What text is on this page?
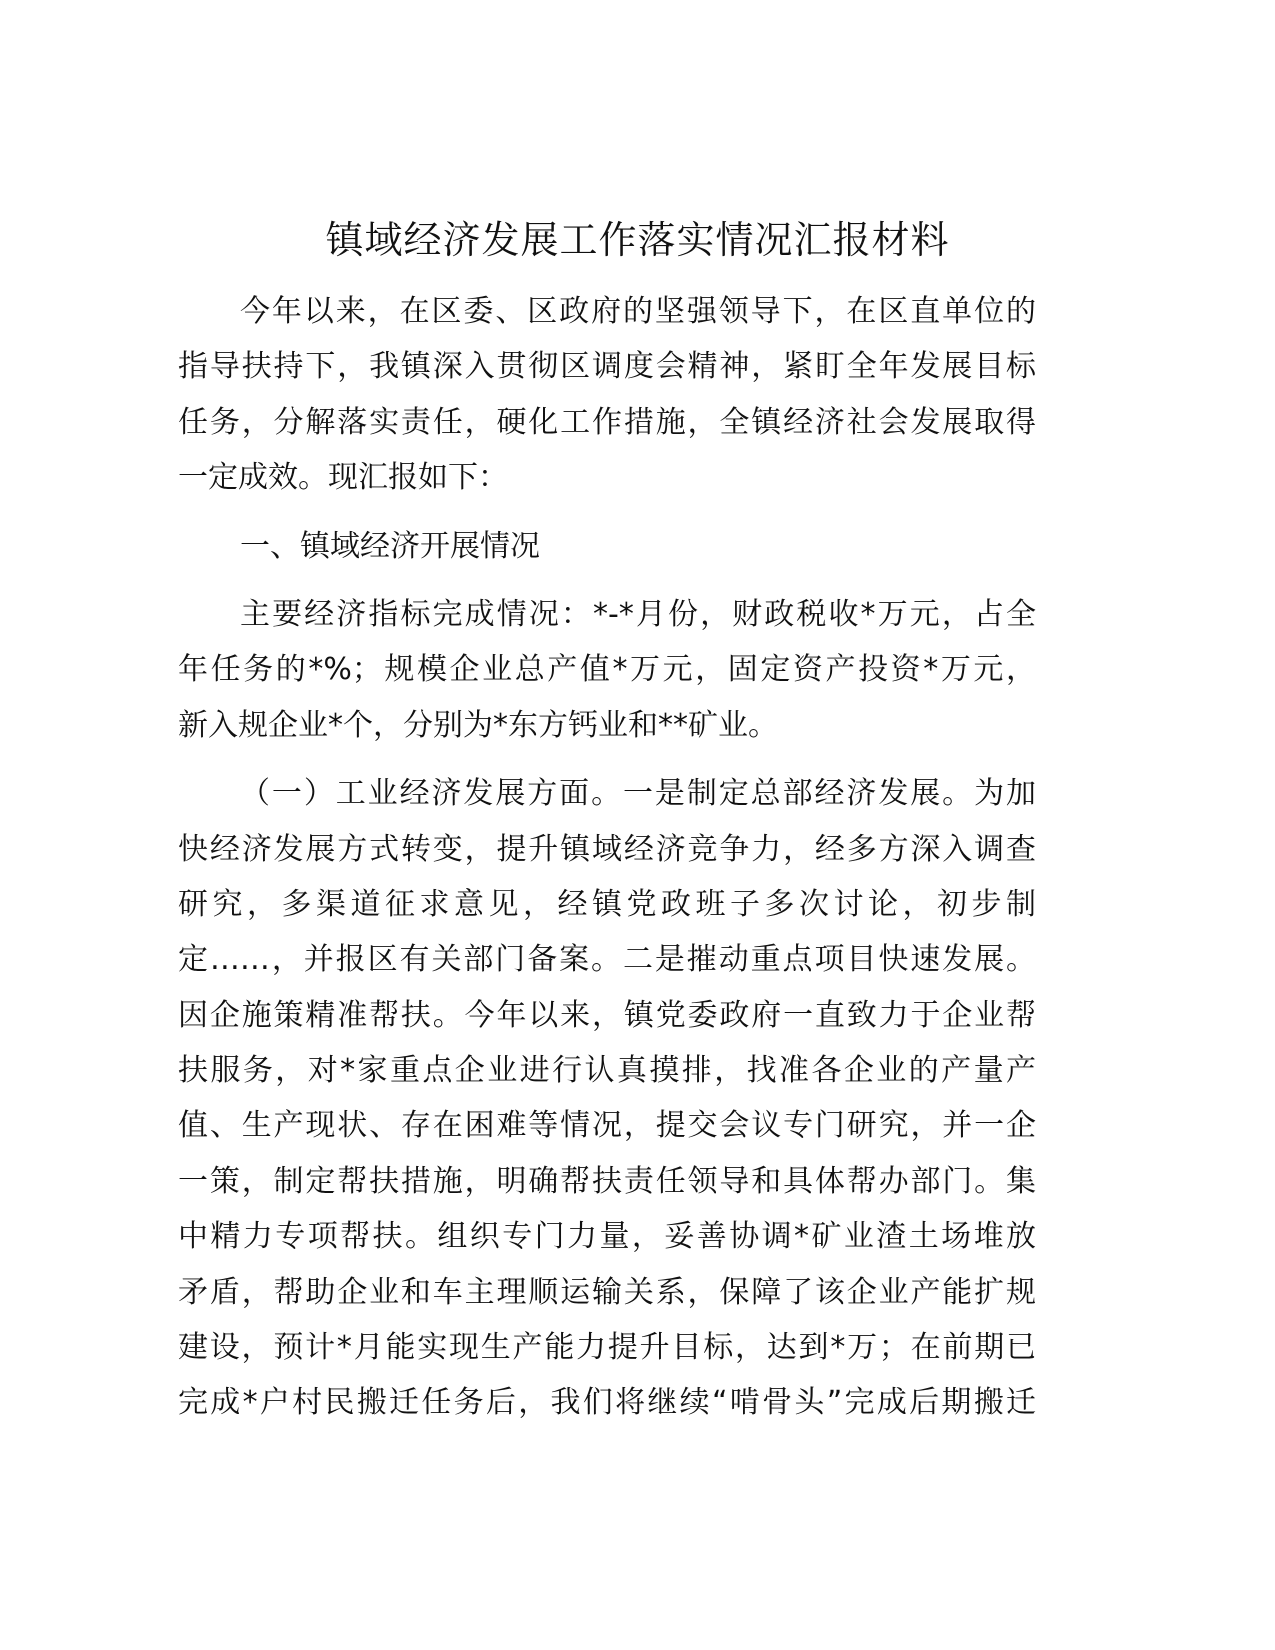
镇域经济发展工作落实情况汇报材料
今年以来，在区委、区政府的坚强领导下，在区直单位的
指导扶持下，我镇深入贯彻区调度会精神，紧盯全年发展目标
任务，分解落实责任，硬化工作措施，全镇经济社会发展取得
一定成效。现汇报如下：
一、镇域经济开展情况
主要经济指标完成情况：*-*月份，财政税收*万元，占全
年任务的*%；规模企业总产值*万元，固定资产投资*万元，
新入规企业*个，分别为*东方钙业和**矿业。
（一）工业经济发展方面。一是制定总部经济发展。为加
快经济发展方式转变，提升镇域经济竞争力，经多方深入调查
研究，多渠道征求意见，经镇党政班子多次讨论，初步制
定……，并报区有关部门备案。二是摧动重点项目快速发展。
因企施策精准帮扶。今年以来，镇党委政府一直致力于企业帮
扶服务，对*家重点企业进行认真摸排，找准各企业的产量产
值、生产现状、存在困难等情况，提交会议专门研究，并一企
一策，制定帮扶措施，明确帮扶责任领导和具体帮办部门。集
中精力专项帮扶。组织专门力量，妥善协调*矿业渣土场堆放
矛盾，帮助企业和车主理顺运输关系，保障了该企业产能扩规
建设，预计*月能实现生产能力提升目标，达到*万；在前期已
完成*户村民搬迁任务后，我们将继续“啃骨头”完成后期搬迁
